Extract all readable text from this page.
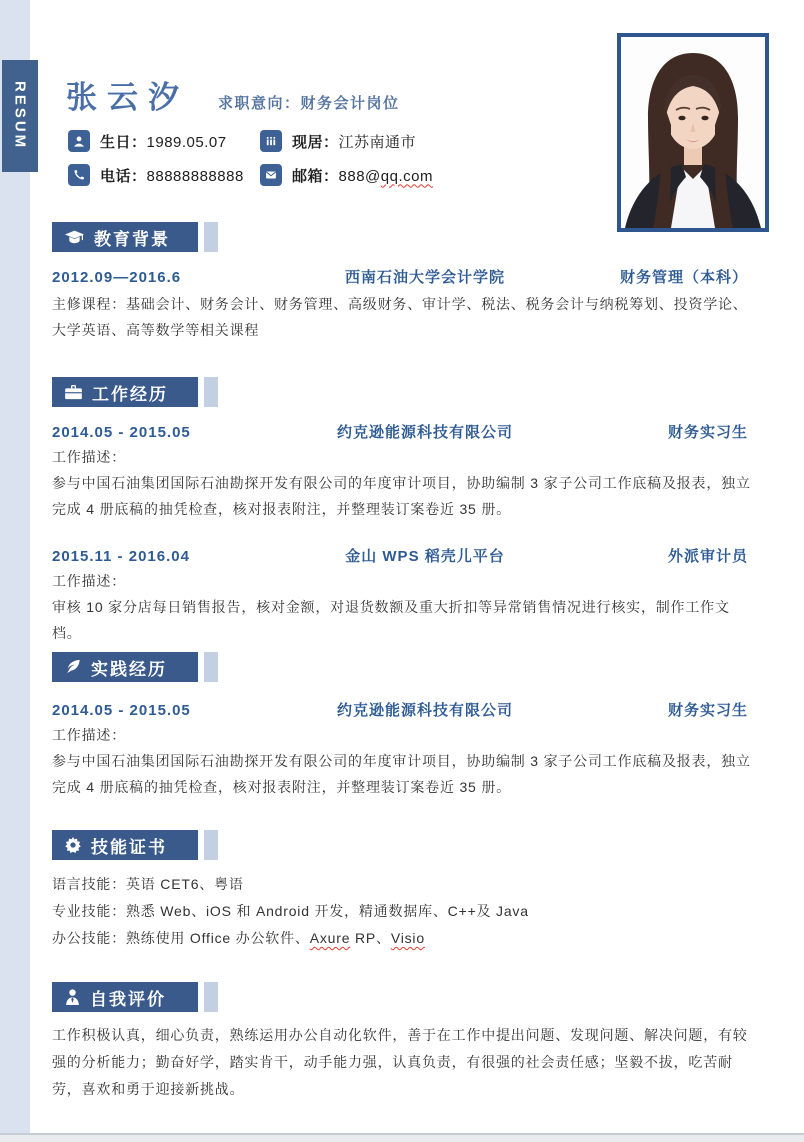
RESUM 张云汐 求职意向：财务会计岗位
生日：1989.05.07	现居：江苏南通市
电话：88888888888	邮箱：888@qq.com
教育背景
2012.09—2016.6	西南石油大学会计学院	财务管理（本科）
主修课程：基础会计、财务会计、财务管理、高级财务、审计学、税法、税务会计与纳税筹划、投资学论、大学英语、高等数学等相关课程
工作经历
2014.05 - 2015.05	约克逊能源科技有限公司	财务实习生
工作描述：
参与中国石油集团国际石油勘探开发有限公司的年度审计项目，协助编制 3 家子公司工作底稿及报表，独立完成 4 册底稿的抽凭检查，核对报表附注，并整理装订案卷近 35 册。
2015.11 - 2016.04	金山 WPS 稻壳儿平台	外派审计员
工作描述：
审核 10 家分店每日销售报告，核对金额，对退货数额及重大折扣等异常销售情况进行核实，制作工作文档。
实践经历
2014.05 - 2015.05	约克逊能源科技有限公司	财务实习生
工作描述：
参与中国石油集团国际石油勘探开发有限公司的年度审计项目，协助编制 3 家子公司工作底稿及报表，独立完成 4 册底稿的抽凭检查，核对报表附注，并整理装订案卷近 35 册。
技能证书
语言技能：英语 CET6、粤语
专业技能：熟悉 Web、iOS 和 Android 开发，精通数据库、C++及 Java
办公技能：熟练使用 Office 办公软件、Axure RP、Visio
自我评价
工作积极认真，细心负责，熟练运用办公自动化软件，善于在工作中提出问题、发现问题、解决问题，有较强的分析能力；勤奋好学，踏实肯干，动手能力强，认真负责，有很强的社会责任感；坚毅不拔，吃苦耐劳，喜欢和勇于迎接新挑战。
